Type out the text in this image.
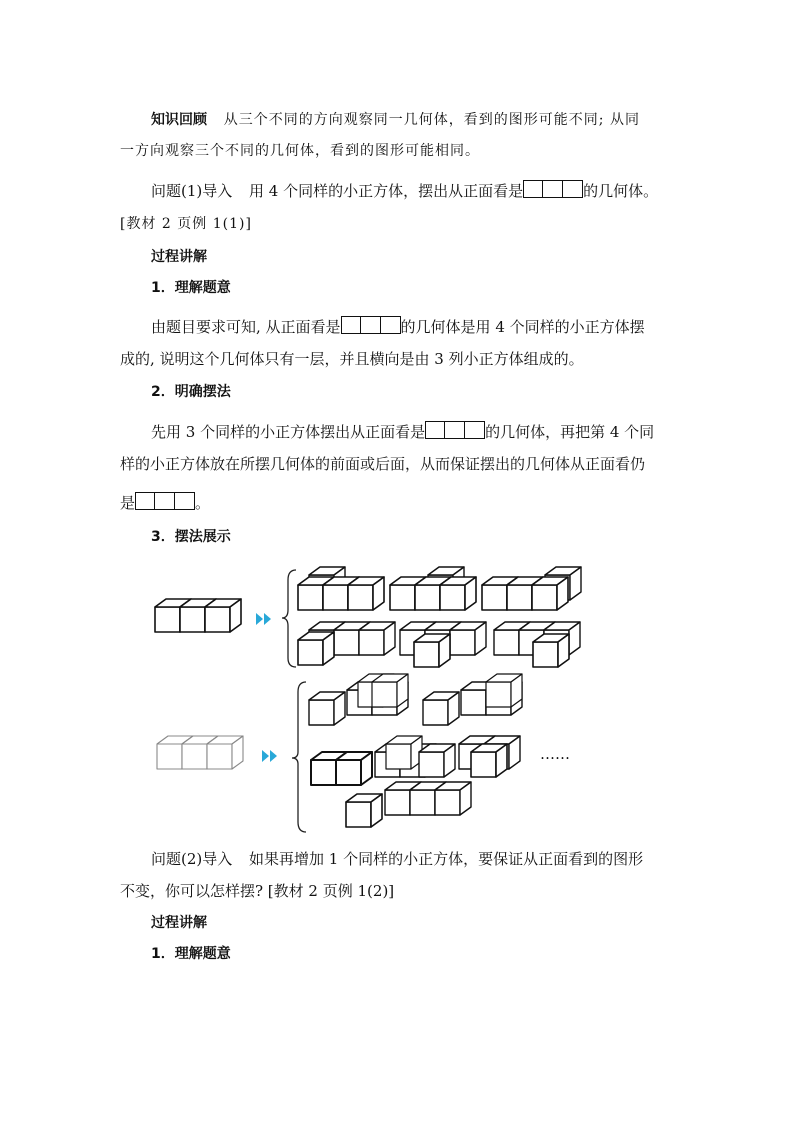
知识回顾 从三个不同的方向观察同一几何体，看到的图形可能不同; 从同
一方向观察三个不同的几何体，看到的图形可能相同。
问题(1)导入 用 4 个同样的小正方体，摆出从正面看是	的几何体。
[教材 2 页例 1(1)]
过程讲解
1．理解题意
由题目要求可知, 从正面看是	的几何体是用 4 个同样的小正方体摆
成的, 说明这个几何体只有一层，并且横向是由 3 列小正方体组成的。
2．明确摆法
先用 3 个同样的小正方体摆出从正面看是	的几何体，再把第 4 个同
样的小正方体放在所摆几何体的前面或后面，从而保证摆出的几何体从正面看仍
是	。
3．摆法展示
……
问题(2)导入 如果再增加 1 个同样的小正方体，要保证从正面看到的图形
不变，你可以怎样摆? [教材 2 页例 1(2)]
过程讲解
1．理解题意
